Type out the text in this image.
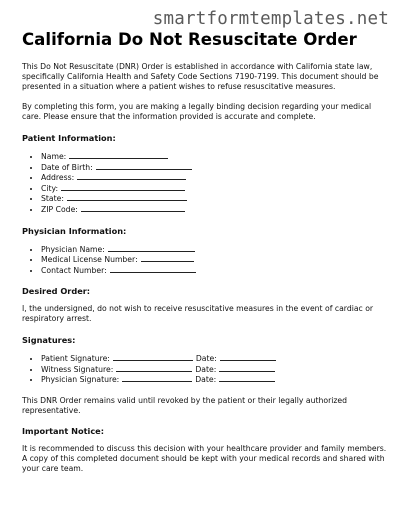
smartformtemplates.net
California Do Not Resuscitate Order

This Do Not Resuscitate (DNR) Order is established in accordance with California state law, specifically California Health and Safety Code Sections 7190-7199. This document should be presented in a situation where a patient wishes to refuse resuscitative measures.

By completing this form, you are making a legally binding decision regarding your medical care. Please ensure that the information provided is accurate and complete.

Patient Information:
• Name:
• Date of Birth:
• Address:
• City:
• State:
• ZIP Code:
Physician Information:
• Physician Name:
• Medical License Number:
• Contact Number:
Desired Order:

I, the undersigned, do not wish to receive resuscitative measures in the event of cardiac or respiratory arrest.

Signatures:
• Patient Signature:	Date:
• Witness Signature:	Date:
• Physician Signature:	Date:

This DNR Order remains valid until revoked by the patient or their legally authorized representative.

Important Notice:

It is recommended to discuss this decision with your healthcare provider and family members. A copy of this completed document should be kept with your medical records and shared with your care team.
